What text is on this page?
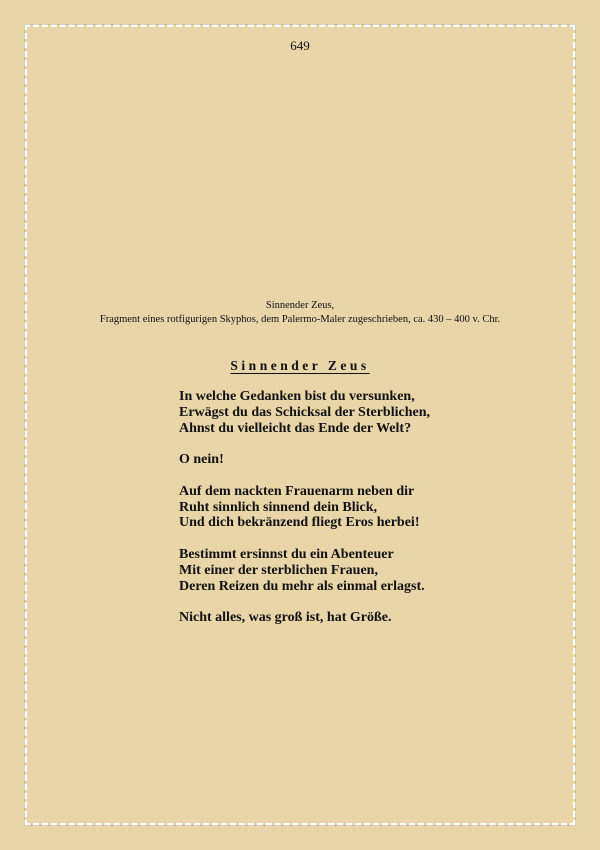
649
Sinnender Zeus,
Fragment eines rotfigurigen Skyphos, dem Palermo-Maler zugeschrieben, ca. 430 – 400 v. Chr.
Sinnender Zeus
In welche Gedanken bist du versunken,
Erwägst du das Schicksal der Sterblichen,
Ahnst du vielleicht das Ende der Welt?
O nein!
Auf dem nackten Frauenarm neben dir
Ruht sinnlich sinnend dein Blick,
Und dich bekränzend fliegt Eros herbei!
Bestimmt ersinnst du ein Abenteuer
Mit einer der sterblichen Frauen,
Deren Reizen du mehr als einmal erlagst.
Nicht alles, was groß ist, hat Größe.
